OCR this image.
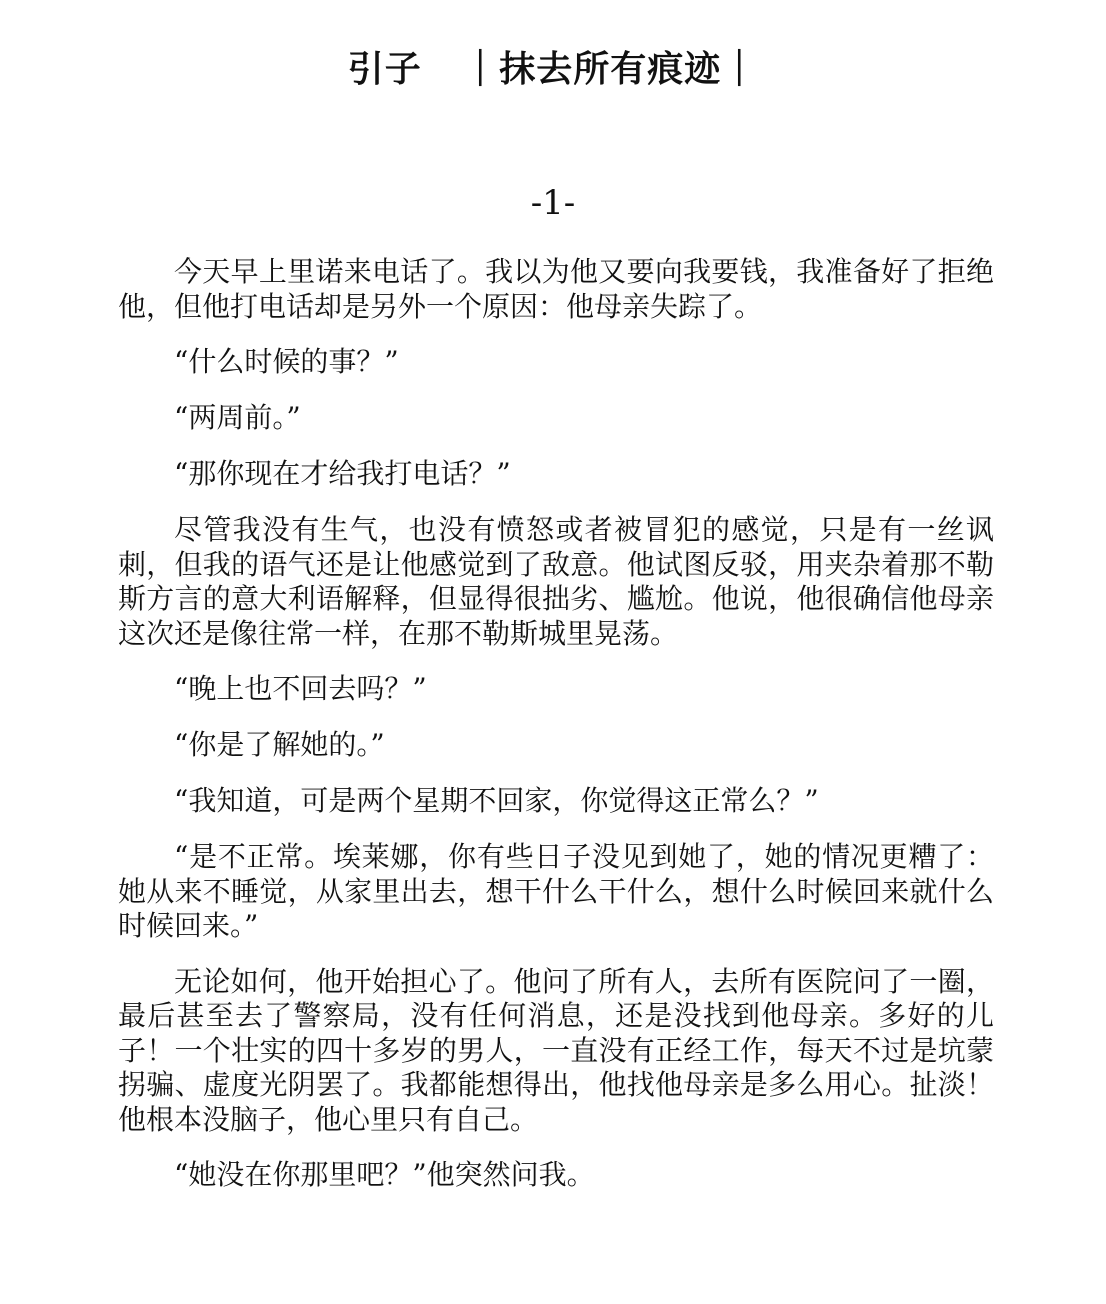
引子   ｜抹去所有痕迹｜
-1-

今天早上里诺来电话了。我以为他又要向我要钱，我准备好了拒绝他，但他打电话却是另外一个原因：他母亲失踪了。

“什么时候的事？”

“两周前。”

“那你现在才给我打电话？”

尽管我没有生气，也没有愤怒或者被冒犯的感觉，只是有一丝讽刺，但我的语气还是让他感觉到了敌意。他试图反驳，用夹杂着那不勒斯方言的意大利语解释，但显得很拙劣、尴尬。他说，他很确信他母亲这次还是像往常一样，在那不勒斯城里晃荡。

“晚上也不回去吗？”

“你是了解她的。”

“我知道，可是两个星期不回家，你觉得这正常么？”

“是不正常。埃莱娜，你有些日子没见到她了，她的情况更糟了：她从来不睡觉，从家里出去，想干什么干什么，想什么时候回来就什么时候回来。”

无论如何，他开始担心了。他问了所有人，去所有医院问了一圈，最后甚至去了警察局，没有任何消息，还是没找到他母亲。多好的儿子！一个壮实的四十多岁的男人，一直没有正经工作，每天不过是坑蒙拐骗、虚度光阴罢了。我都能想得出，他找他母亲是多么用心。扯淡！他根本没脑子，他心里只有自己。

“她没在你那里吧？”他突然问我。
